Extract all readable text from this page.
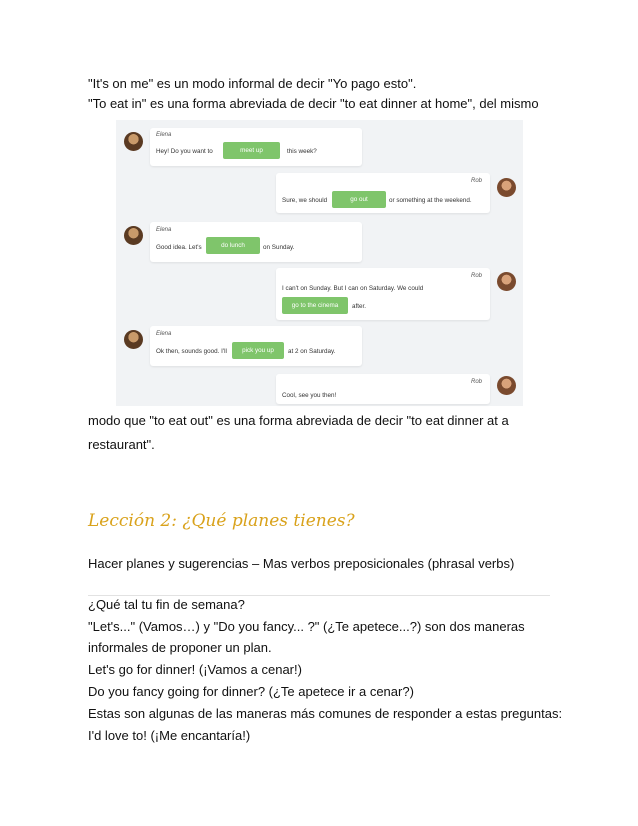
"It's on me" es un modo informal de decir "Yo pago esto".
"To eat in" es una forma abreviada de decir "to eat dinner at home", del mismo
Elena
Hey! Do you want to	meet up	this week?
Rob
Sure, we should	go out	or something at the weekend.
Elena
Good idea. Let's	do lunch	on Sunday.
Rob
I can't on Sunday. But I can on Saturday. We could
go to the cinema	after.
Elena
Ok then, sounds good. I'll	pick you up	at 2 on Saturday.
Rob
Cool, see you then!
modo que "to eat out" es una forma abreviada de decir "to eat dinner at a
restaurant".
Lección 2: ¿Qué planes tienes?
Hacer planes y sugerencias – Mas verbos preposicionales (phrasal verbs)
¿Qué tal tu fin de semana?
"Let's..." (Vamos…) y "Do you fancy... ?" (¿Te apetece...?) son dos maneras
informales de proponer un plan.
Let's go for dinner! (¡Vamos a cenar!)
Do you fancy going for dinner? (¿Te apetece ir a cenar?)
Estas son algunas de las maneras más comunes de responder a estas preguntas:
I'd love to! (¡Me encantaría!)
